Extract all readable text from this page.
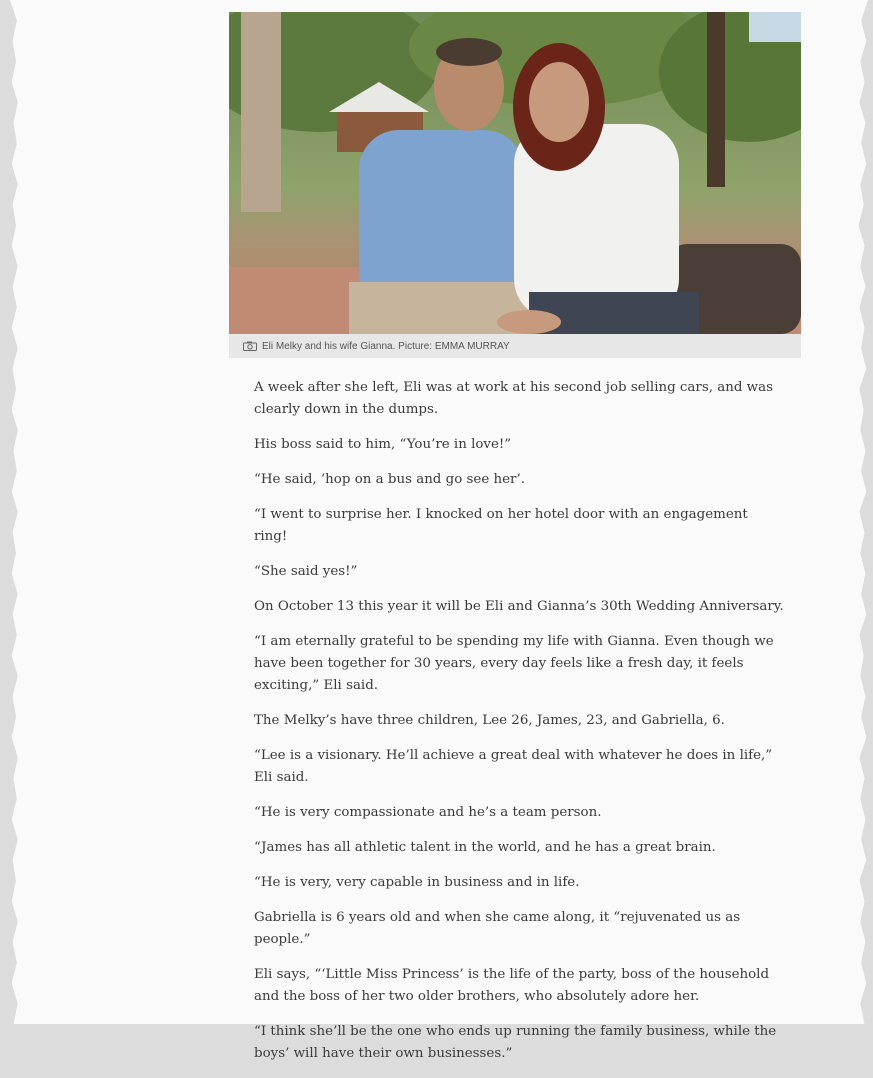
Eli Melky and his wife Gianna. Picture: EMMA MURRAY

A week after she left, Eli was at work at his second job selling cars, and was clearly down in the dumps.

His boss said to him, “You’re in love!”

“He said, ‘hop on a bus and go see her’.

“I went to surprise her. I knocked on her hotel door with an engagement ring!

“She said yes!”

On October 13 this year it will be Eli and Gianna’s 30th Wedding Anniversary.

“I am eternally grateful to be spending my life with Gianna. Even though we have been together for 30 years, every day feels like a fresh day, it feels exciting,” Eli said.

The Melky’s have three children, Lee 26, James, 23, and Gabriella, 6.

“Lee is a visionary. He’ll achieve a great deal with whatever he does in life,” Eli said.

“He is very compassionate and he’s a team person.

“James has all athletic talent in the world, and he has a great brain.

“He is very, very capable in business and in life.

Gabriella is 6 years old and when she came along, it “rejuvenated us as people.”

Eli says, “‘Little Miss Princess’ is the life of the party, boss of the household and the boss of her two older brothers, who absolutely adore her.

“I think she’ll be the one who ends up running the family business, while the boys’ will have their own businesses.”
